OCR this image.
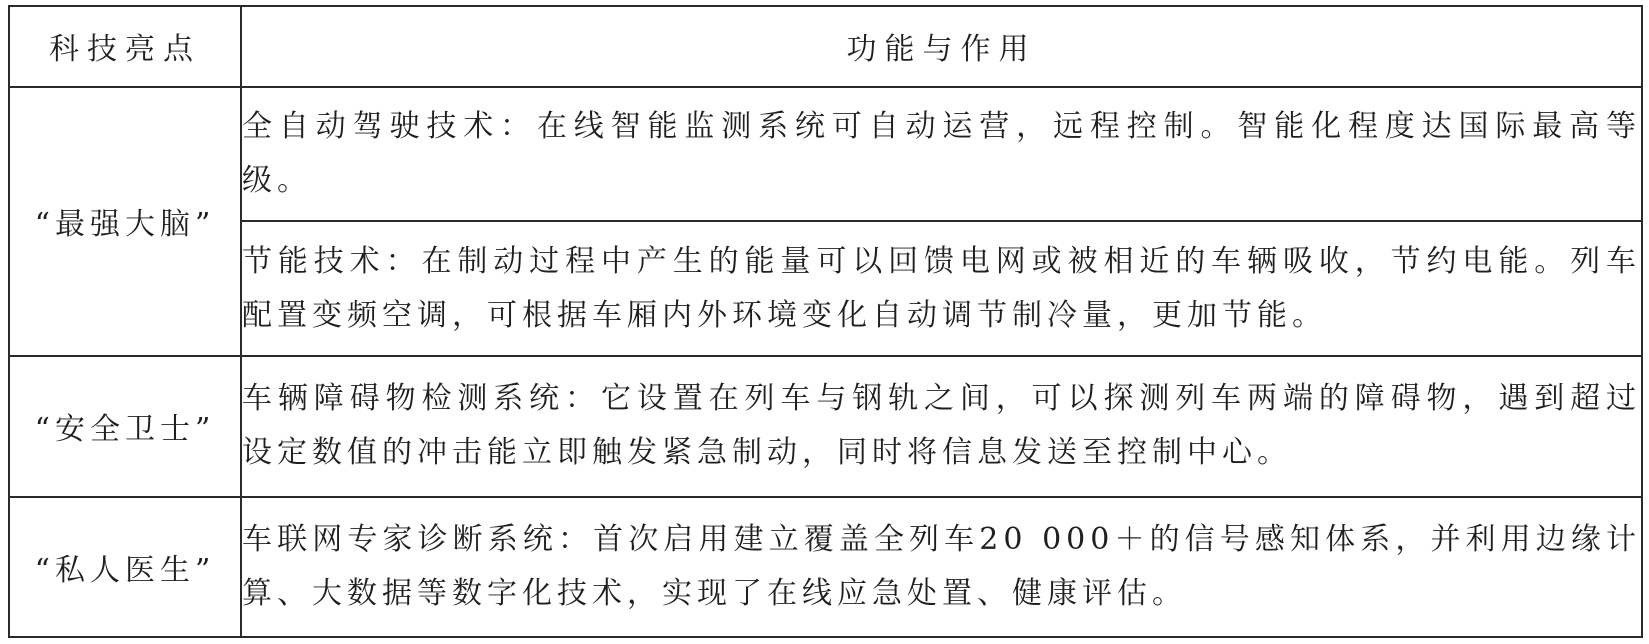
科技亮点	功能与作用
“最强大脑”	全自动驾驶技术：在线智能监测系统可自动运营，远程控制。智能化程度达国际最高等级。
	节能技术：在制动过程中产生的能量可以回馈电网或被相近的车辆吸收，节约电能。列车配置变频空调，可根据车厢内外环境变化自动调节制冷量，更加节能。
“安全卫士”	车辆障碍物检测系统：它设置在列车与钢轨之间，可以探测列车两端的障碍物，遇到超过设定数值的冲击能立即触发紧急制动，同时将信息发送至控制中心。
“私人医生”	车联网专家诊断系统：首次启用建立覆盖全列车20 000＋的信号感知体系，并利用边缘计算、大数据等数字化技术，实现了在线应急处置、健康评估。
